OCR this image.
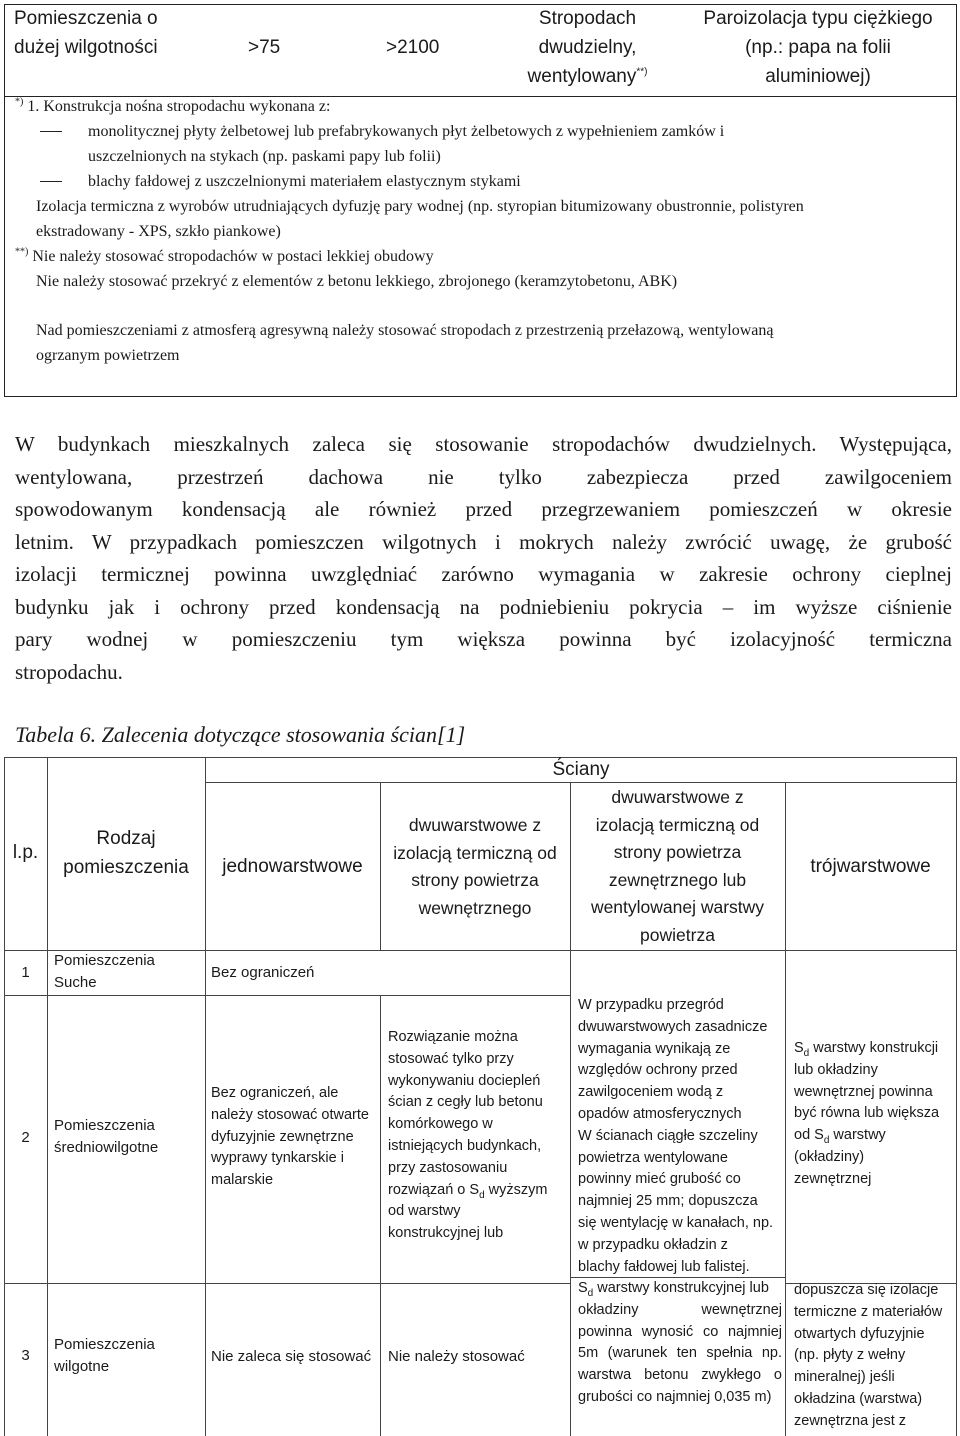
Pomieszczenia o
dużej wilgotności	>75	>2100
Stropodach
dwudzielny,
wentylowany**)
Paroizolacja typu ciężkiego
(np.: papa na folii
aluminiowej)
*) 1. Konstrukcja nośna stropodachu wykonana z:
monolitycznej płyty żelbetowej lub prefabrykowanych płyt żelbetowych z wypełnieniem zamków i
uszczelnionych na stykach (np. paskami papy lub folii)
blachy fałdowej z uszczelnionymi materiałem elastycznym stykami
Izolacja termiczna z wyrobów utrudniających dyfuzję pary wodnej (np. styropian bitumizowany obustronnie, polistyren
ekstradowany - XPS, szkło piankowe)
**) Nie należy stosować stropodachów w postaci lekkiej obudowy
Nie należy stosować przekryć z elementów z betonu lekkiego, zbrojonego (keramzytobetonu, ABK)
Nad pomieszczeniami z atmosferą agresywną należy stosować stropodach z przestrzenią przełazową, wentylowaną
ogrzanym powietrzem
W budynkach mieszkalnych zaleca się stosowanie stropodachów dwudzielnych. Występująca,
wentylowana, przestrzeń dachowa nie tylko zabezpiecza przed zawilgoceniem
spowodowanym kondensacją ale również przed przegrzewaniem pomieszczeń w okresie
letnim. W przypadkach pomieszczen wilgotnych i mokrych należy zwrócić uwagę, że grubość
izolacji termicznej powinna uwzględniać zarówno wymagania w zakresie ochrony cieplnej
budynku jak i ochrony przed kondensacją na podniebieniu pokrycia – im wyższe ciśnienie
pary wodnej w pomieszczeniu tym większa powinna być izolacyjność termiczna
stropodachu.
Tabela 6. Zalecenia dotyczące stosowania ścian[1]
l.p.
Rodzaj
pomieszczenia
Ściany
jednowarstwowe
dwuwarstwowe z
izolacją termiczną od
strony powietrza
wewnętrznego
dwuwarstwowe z
izolacją termiczną od
strony powietrza
zewnętrznego lub
wentylowanej warstwy
powietrza
trójwarstwowe
1
Pomieszczenia
Suche
Bez ograniczeń
2
Pomieszczenia
średniowilgotne
Bez ograniczeń, ale
należy stosować otwarte
dyfuzyjnie zewnętrzne
wyprawy tynkarskie i
malarskie
Rozwiązanie można
stosować tylko przy
wykonywaniu dociepleń
ścian z cegły lub betonu
komórkowego w
istniejących budynkach,
przy zastosowaniu
rozwiązań o $S_d$ wyższym
od warstwy
konstrukcyjnej lub
W przypadku przegród
dwuwarstwowych zasadnicze
wymagania wynikają ze
względów ochrony przed
zawilgoceniem wodą z
opadów atmosferycznych
W ścianach ciągłe szczeliny
powietrza wentylowane
powinny mieć grubość co
najmniej 25 mm; dopuszcza
się wentylację w kanałach, np.
w przypadku okładzin z
blachy fałdowej lub falistej.
$S_d$ warstwy konstrukcji
lub okładziny
wewnętrznej powinna
być równa lub większa
od $S_d$ warstwy
(okładziny)
zewnętrznej
3
Pomieszczenia
wilgotne
Nie zaleca się stosować Nie należy stosować
$S_d$ warstwy konstrukcyjnej lub
okładziny wewnętrznej
powinna wynosić co najmniej
5m (warunek ten spełnia np.
warstwa betonu zwykłego o
grubości co najmniej 0,035 m)
dopuszcza się izolacje
termiczne z materiałów
otwartych dyfuzyjnie
(np. płyty z wełny
mineralnej) jeśli
okładzina (warstwa)
zewnętrzna jest z
